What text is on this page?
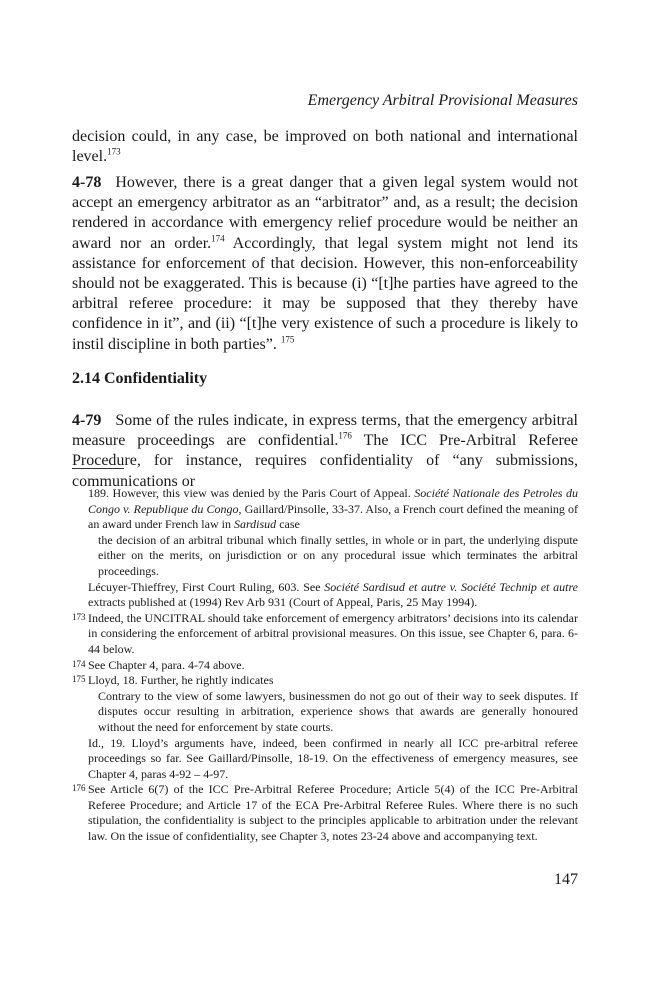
Emergency Arbitral Provisional Measures

decision could, in any case, be improved on both national and international level.$^{173}$

4-78 However, there is a great danger that a given legal system would not accept an emergency arbitrator as an “arbitrator” and, as a result; the decision rendered in accordance with emergency relief procedure would be neither an award nor an order.$^{174}$ Accordingly, that legal system might not lend its assistance for enforcement of that decision. However, this non-enforceability should not be exaggerated. This is because (i) “[t]he parties have agreed to the arbitral referee procedure: it may be supposed that they thereby have confidence in it”, and (ii) “[t]he very existence of such a procedure is likely to instil discipline in both parties”. $^{175}$

2.14 Confidentiality

4-79 Some of the rules indicate, in express terms, that the emergency arbitral measure proceedings are confidential.$^{176}$ The ICC Pre-Arbitral Referee Procedure, for instance, requires confidentiality of “any submissions, communications or

189. However, this view was denied by the Paris Court of Appeal. Société Nationale des Petroles du Congo v. Republique du Congo, Gaillard/Pinsolle, 33-37. Also, a French court defined the meaning of an award under French law in Sardisud case

the decision of an arbitral tribunal which finally settles, in whole or in part, the underlying dispute either on the merits, on jurisdiction or on any procedural issue which terminates the arbitral proceedings.

Lécuyer-Thieffrey, First Court Ruling, 603. See Société Sardisud et autre v. Société Technip et autre extracts published at (1994) Rev Arb 931 (Court of Appeal, Paris, 25 May 1994).

173 Indeed, the UNCITRAL should take enforcement of emergency arbitrators’ decisions into its calendar in considering the enforcement of arbitral provisional measures. On this issue, see Chapter 6, para. 6-44 below.

174 See Chapter 4, para. 4-74 above.

175 Lloyd, 18. Further, he rightly indicates

Contrary to the view of some lawyers, businessmen do not go out of their way to seek disputes. If disputes occur resulting in arbitration, experience shows that awards are generally honoured without the need for enforcement by state courts.

Id., 19. Lloyd’s arguments have, indeed, been confirmed in nearly all ICC pre-arbitral referee proceedings so far. See Gaillard/Pinsolle, 18-19. On the effectiveness of emergency measures, see Chapter 4, paras 4-92 – 4-97.

176 See Article 6(7) of the ICC Pre-Arbitral Referee Procedure; Article 5(4) of the ICC Pre-Arbitral Referee Procedure; and Article 17 of the ECA Pre-Arbitral Referee Rules. Where there is no such stipulation, the confidentiality is subject to the principles applicable to arbitration under the relevant law. On the issue of confidentiality, see Chapter 3, notes 23-24 above and accompanying text.

147
